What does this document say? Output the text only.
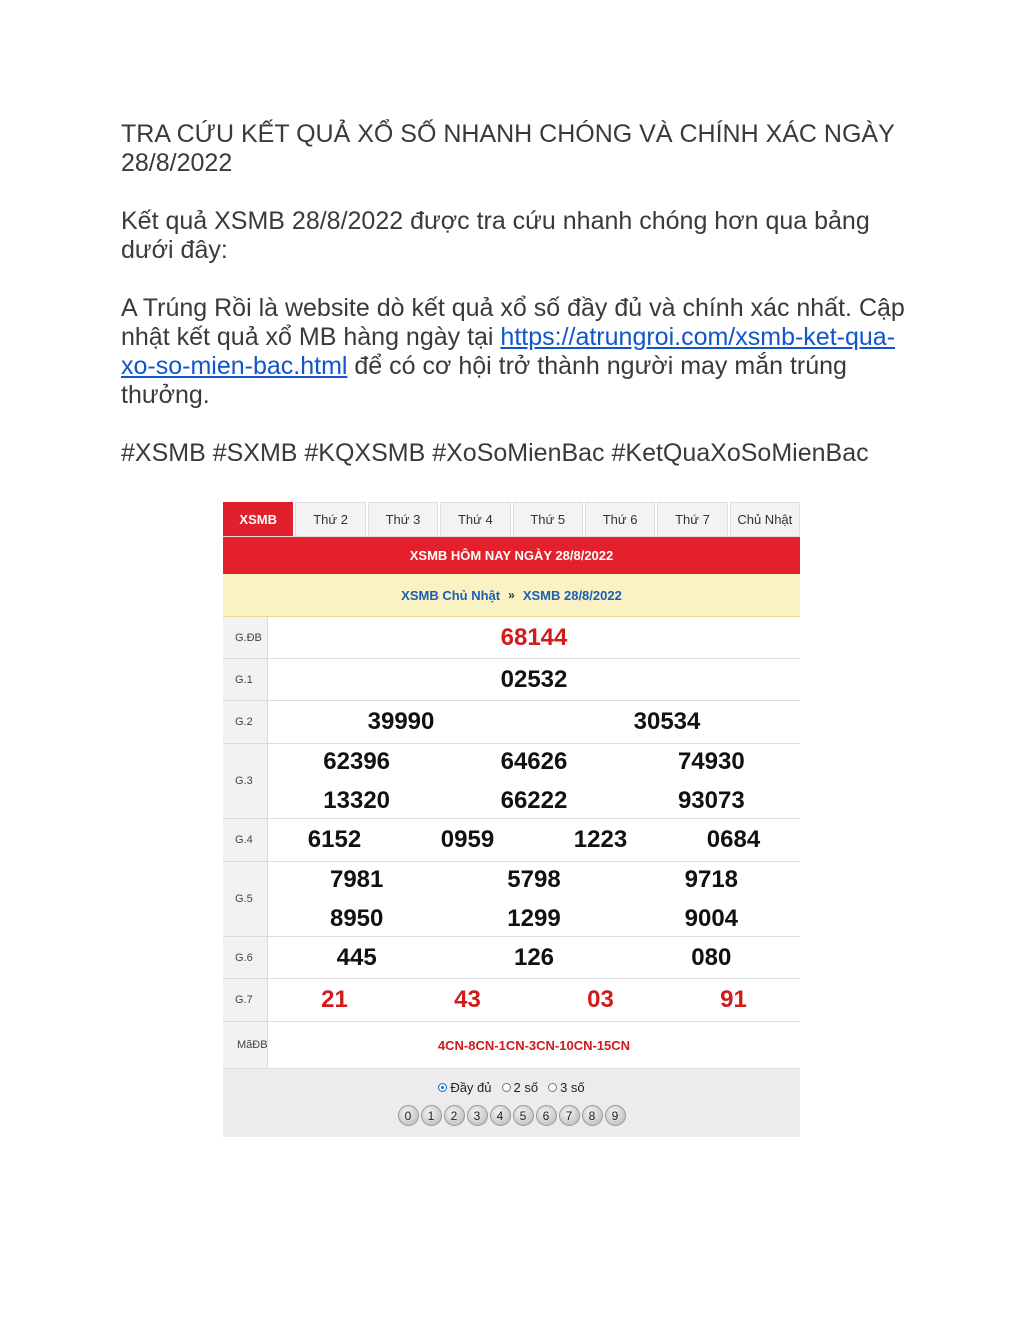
TRA CỨU KẾT QUẢ XỔ SỐ NHANH CHÓNG VÀ CHÍNH XÁC NGÀY 28/8/2022

Kết quả XSMB 28/8/2022 được tra cứu nhanh chóng hơn qua bảng dưới đây:

A Trúng Rồi là website dò kết quả xổ số đầy đủ và chính xác nhất. Cập nhật kết quả xổ MB hàng ngày tại https://atrungroi.com/xsmb-ket-qua-xo-so-mien-bac.html để có cơ hội trở thành người may mắn trúng thưởng.

#XSMB #SXMB #KQXSMB #XoSoMienBac #KetQuaXoSoMienBac

XSMB	Thứ 2	Thứ 3	Thứ 4	Thứ 5	Thứ 6	Thứ 7	Chủ Nhật
XSMB HÔM NAY NGÀY 28/8/2022
XSMB Chủ Nhật » XSMB 28/8/2022
G.ĐB	68144
G.1	02532
G.2	39990	30534
G.3
62396	64626	74930
13320	66222	93073
G.4	6152	0959	1223	0684
G.5
7981	5798	9718
8950	1299	9004
G.6	445	126	080
G.7	21	43	03	91
Mã ĐB	4CN-8CN-1CN-3CN-10CN-15CN
Đầy đủ 2 số 3 số
0	1	2	3	4	5	6	7	8	9
